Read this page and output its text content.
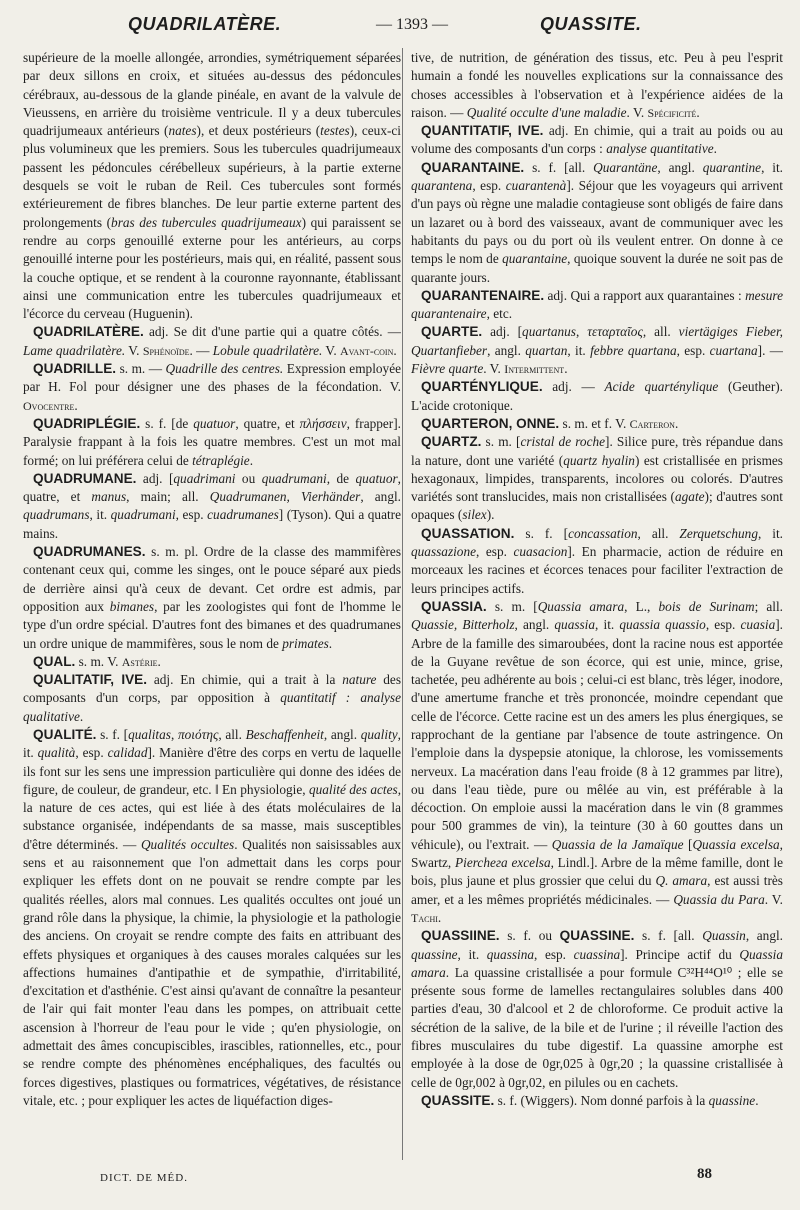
QUADRILATÈRE.	— 1393 —	QUASSITE.

supérieure de la moelle allongée, arrondies, symétriquement séparées par deux sillons en croix, et situées au-dessus des pédoncules cérébraux, au-dessous de la glande pinéale, en avant de la valvule de Vieussens, en arrière du troisième ventricule. Il y a deux tubercules quadrijumeaux antérieurs (nates), et deux postérieurs (testes), ceux-ci plus volumineux que les premiers. Sous les tubercules quadrijumeaux passent les pédoncules cérébelleux supérieurs, à la partie externe desquels se voit le ruban de Reil. Ces tubercules sont formés extérieurement de fibres blanches. De leur partie externe partent des prolongements (bras des tubercules quadrijumeaux) qui paraissent se rendre au corps genouillé externe pour les antérieurs, au corps genouillé interne pour les postérieurs, mais qui, en réalité, passent sous la couche optique, et se rendent à la couronne rayonnante, établissant ainsi une communication entre les tubercules quadrijumeaux et l'écorce du cerveau (Huguenin).

QUADRILATÈRE. adj. Se dit d'une partie qui a quatre côtés. — Lame quadrilatère. V. Sphénoïde. — Lobule quadrilatère. V. Avant-coin.

QUADRILLE. s. m. — Quadrille des centres. Expression employée par H. Fol pour désigner une des phases de la fécondation. V. Ovocentre.

QUADRIPLÉGIE. s. f. [de quatuor, quatre, et πλήσσειν, frapper]. Paralysie frappant à la fois les quatre membres. C'est un mot mal formé; on lui préférera celui de tétraplégie.

QUADRUMANE. adj. [quadrimani ou quadrumani, de quatuor, quatre, et manus, main; all. Quadrumanen, Vierhänder, angl. quadrumans, it. quadrumani, esp. cuadrumanes] (Tyson). Qui a quatre mains.

QUADRUMANES. s. m. pl. Ordre de la classe des mammifères contenant ceux qui, comme les singes, ont le pouce séparé aux pieds de derrière ainsi qu'à ceux de devant. Cet ordre est admis, par opposition aux bimanes, par les zoologistes qui font de l'homme le type d'un ordre spécial. D'autres font des bimanes et des quadrumanes un ordre unique de mammifères, sous le nom de primates.

QUAL. s. m. V. Astérie.

QUALITATIF, IVE. adj. En chimie, qui a trait à la nature des composants d'un corps, par opposition à quantitatif : analyse qualitative.

QUALITÉ. s. f. [qualitas, ποιότης, all. Beschaffenheit, angl. quality, it. qualità, esp. calidad]. Manière d'être des corps en vertu de laquelle ils font sur les sens une impression particulière qui donne des idées de figure, de couleur, de grandeur, etc. ‖ En physiologie, qualité des actes, la nature de ces actes, qui est liée à des états moléculaires de la substance organisée, indépendants de sa masse, mais susceptibles d'être déterminés. — Qualités occultes. Qualités non saisissables aux sens et au raisonnement que l'on admettait dans les corps pour expliquer les effets dont on ne pouvait se rendre compte par les qualités réelles, alors mal connues. Les qualités occultes ont joué un grand rôle dans la physique, la chimie, la physiologie et la pathologie des anciens. On croyait se rendre compte des faits en attribuant des effets physiques et organiques à des causes morales calquées sur les affections humaines d'antipathie et de sympathie, d'irritabilité, d'excitation et d'asthénie. C'est ainsi qu'avant de connaître la pesanteur de l'air qui fait monter l'eau dans les pompes, on attribuait cette ascension à l'horreur de l'eau pour le vide ; qu'en physiologie, on admettait des âmes concupiscibles, irascibles, rationnelles, etc., pour se rendre compte des phénomènes encéphaliques, des facultés ou forces digestives, plastiques ou formatrices, végétatives, de résistance vitale, etc. ; pour expliquer les actes de liquéfaction diges-

tive, de nutrition, de génération des tissus, etc. Peu à peu l'esprit humain a fondé les nouvelles explications sur la connaissance des choses accessibles à l'observation et à l'expérience aidées de la raison. — Qualité occulte d'une maladie. V. Spécificité.

QUANTITATIF, IVE. adj. En chimie, qui a trait au poids ou au volume des composants d'un corps : analyse quantitative.

QUARANTAINE. s. f. [all. Quarantäne, angl. quarantine, it. quarantena, esp. cuarantenà]. Séjour que les voyageurs qui arrivent d'un pays où règne une maladie contagieuse sont obligés de faire dans un lazaret ou à bord des vaisseaux, avant de communiquer avec les habitants du pays ou du port où ils veulent entrer. On donne à ce temps le nom de quarantaine, quoique souvent la durée ne soit pas de quarante jours.

QUARANTENAIRE. adj. Qui a rapport aux quarantaines : mesure quarantenaire, etc.

QUARTE. adj. [quartanus, τεταρταῖος, all. viertägiges Fieber, Quartanfieber, angl. quartan, it. febbre quartana, esp. cuartana]. — Fièvre quarte. V. Intermittent.

QUARTÉNYLIQUE. adj. — Acide quarténylique (Geuther). L'acide crotonique.

QUARTERON, ONNE. s. m. et f. V. Carteron.

QUARTZ. s. m. [cristal de roche]. Silice pure, très répandue dans la nature, dont une variété (quartz hyalin) est cristallisée en prismes hexagonaux, limpides, transparents, incolores ou colorés. D'autres variétés sont translucides, mais non cristallisées (agate); d'autres sont opaques (silex).

QUASSATION. s. f. [concassation, all. Zerquetschung, it. quassazione, esp. cuasacion]. En pharmacie, action de réduire en morceaux les racines et écorces tenaces pour faciliter l'extraction de leurs principes actifs.

QUASSIA. s. m. [Quassia amara, L., bois de Surinam; all. Quassie, Bitterholz, angl. quassia, it. quassia quassio, esp. cuasia]. Arbre de la famille des simaroubées, dont la racine nous est apportée de la Guyane revêtue de son écorce, qui est unie, mince, grise, tachetée, peu adhérente au bois ; celui-ci est blanc, très léger, inodore, d'une amertume franche et très prononcée, moindre cependant que celle de l'écorce. Cette racine est un des amers les plus énergiques, se rapprochant de la gentiane par l'absence de toute astringence. On l'emploie dans la dyspepsie atonique, la chlorose, les vomissements nerveux. La macération dans l'eau froide (8 à 12 grammes par litre), ou dans l'eau tiède, pure ou mêlée au vin, est préférable à la décoction. On emploie aussi la macération dans le vin (8 grammes pour 500 grammes de vin), la teinture (30 à 60 gouttes dans un véhicule), ou l'extrait. — Quassia de la Jamaïque [Quassia excelsa, Swartz, Piercheга excelsa, Lindl.]. Arbre de la même famille, dont le bois, plus jaune et plus grossier que celui du Q. amara, est aussi très amer, et a les mêmes propriétés médicinales. — Quassia du Para. V. Tachi.

QUASSIINE. s. f. ou QUASSINE. s. f. [all. Quassin, angl. quassine, it. quassina, esp. cuassina]. Principe actif du Quassia amara. La quassine cristallisée a pour formule C³²H⁴⁴O¹⁰ ; elle se présente sous forme de lamelles rectangulaires solubles dans 400 parties d'eau, 30 d'alcool et 2 de chloroforme. Ce produit active la sécrétion de la salive, de la bile et de l'urine ; il réveille l'action des fibres musculaires du tube digestif. La quassine amorphe est employée à la dose de 0gr,025 à 0gr,20 ; la quassine cristallisée à celle de 0gr,002 à 0gr,02, en pilules ou en cachets.

QUASSITE. s. f. (Wiggers). Nom donné parfois à la quassine.

DICT. DE MÉD.	88
